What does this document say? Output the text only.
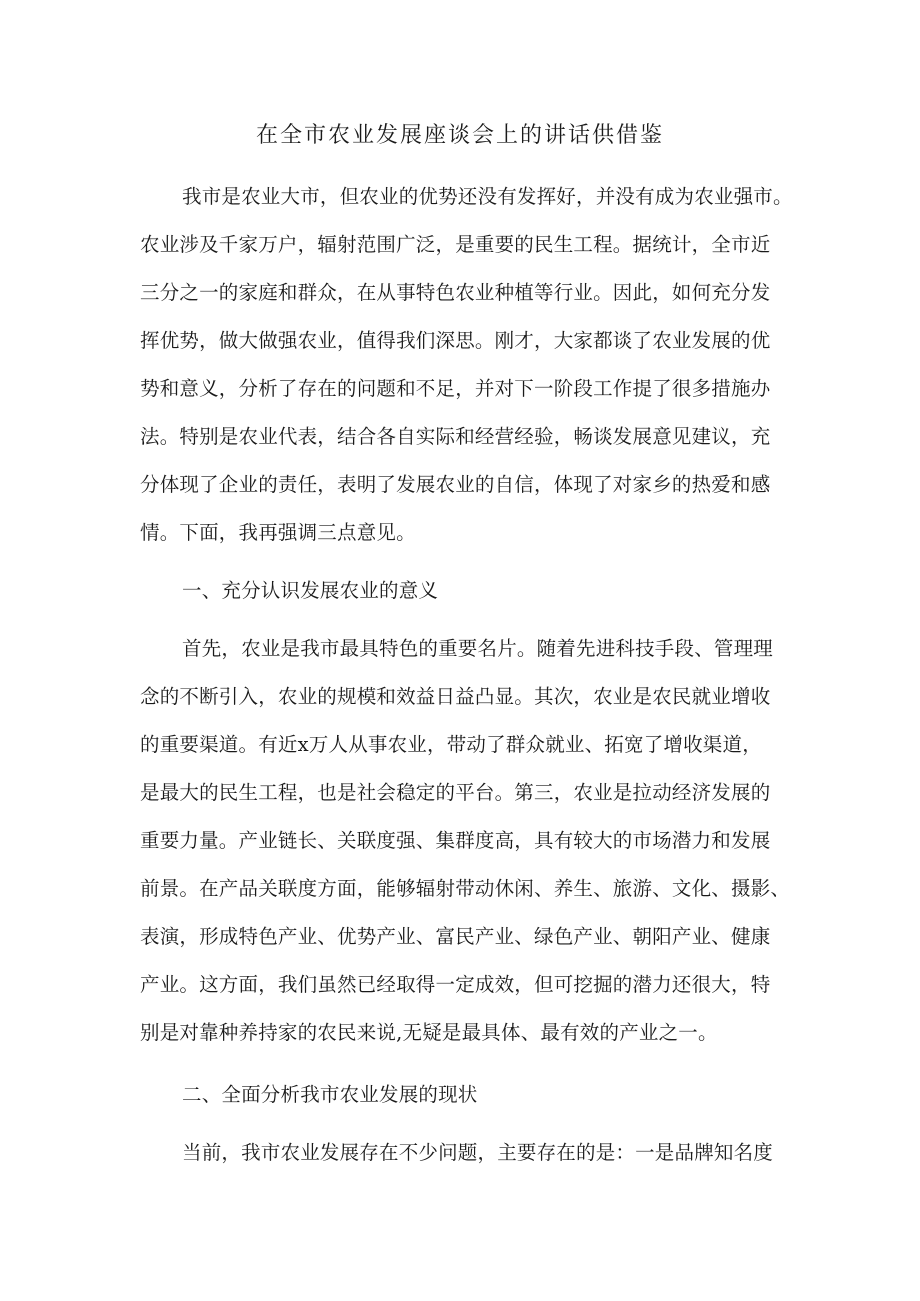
在全市农业发展座谈会上的讲话供借鉴
我市是农业大市，但农业的优势还没有发挥好，并没有成为农业强市。
农业涉及千家万户，辐射范围广泛，是重要的民生工程。据统计，全市近
三分之一的家庭和群众，在从事特色农业种植等行业。因此，如何充分发
挥优势，做大做强农业，值得我们深思。刚才，大家都谈了农业发展的优
势和意义，分析了存在的问题和不足，并对下一阶段工作提了很多措施办
法。特别是农业代表，结合各自实际和经营经验，畅谈发展意见建议，充
分体现了企业的责任，表明了发展农业的自信，体现了对家乡的热爱和感
情。下面，我再强调三点意见。
一、充分认识发展农业的意义
首先，农业是我市最具特色的重要名片。随着先进科技手段、管理理
念的不断引入，农业的规模和效益日益凸显。其次，农业是农民就业增收
的重要渠道。有近x万人从事农业，带动了群众就业、拓宽了增收渠道，
是最大的民生工程，也是社会稳定的平台。第三，农业是拉动经济发展的
重要力量。产业链长、关联度强、集群度高，具有较大的市场潜力和发展
前景。在产品关联度方面，能够辐射带动休闲、养生、旅游、文化、摄影、
表演，形成特色产业、优势产业、富民产业、绿色产业、朝阳产业、健康
产业。这方面，我们虽然已经取得一定成效，但可挖掘的潜力还很大，特
别是对靠种养持家的农民来说,无疑是最具体、最有效的产业之一。
二、全面分析我市农业发展的现状
当前，我市农业发展存在不少问题，主要存在的是：一是品牌知名度
